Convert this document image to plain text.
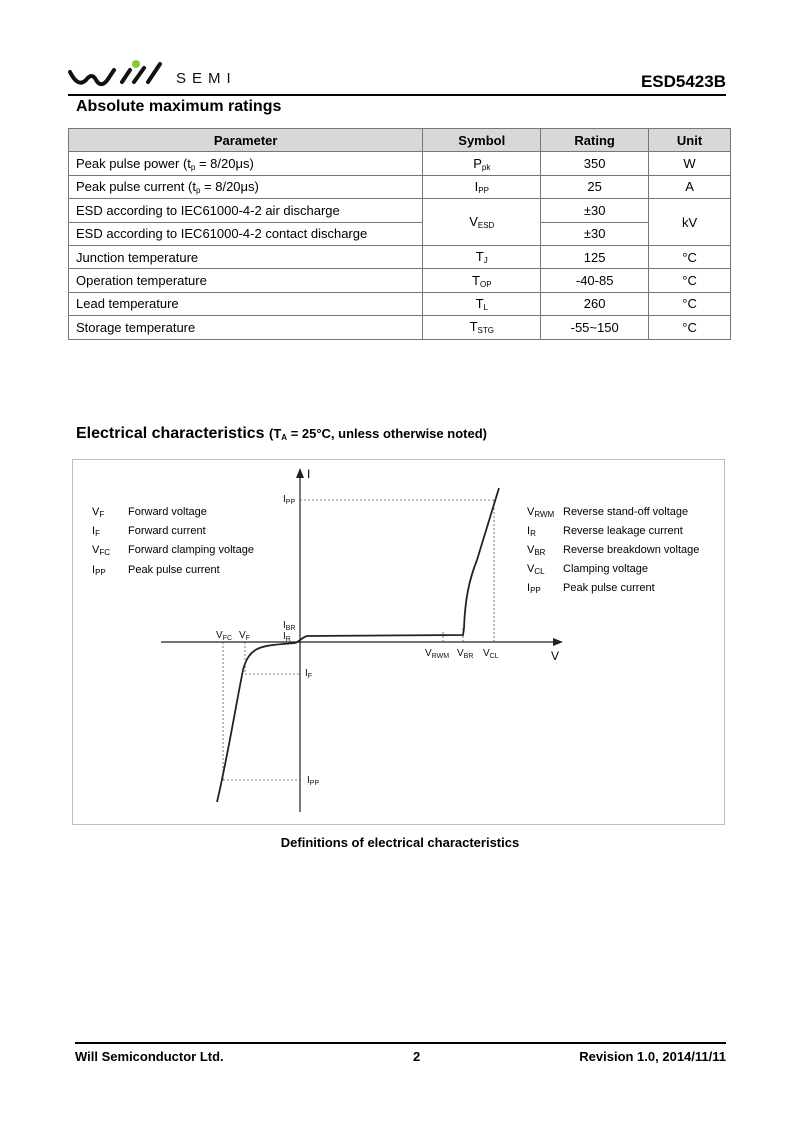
SEMI	ESD5423B
Absolute maximum ratings
Parameter	Symbol	Rating	Unit
Peak pulse power $(t_p = 8/20\mu s)$	$P_{pk}$	350	W
Peak pulse current $(t_p = 8/20\mu s)$	$I_{PP}$	25	A
ESD according to IEC61000-4-2 air discharge	$V_{ESD}$	±30	kV
ESD according to IEC61000-4-2 contact discharge		±30	
Junction temperature	$T_J$	125	°C
Operation temperature	$T_{OP}$	-40-85	°C
Lead temperature	$T_L$	260	°C
Storage temperature	$T_{STG}$	-55~150	°C
Electrical characteristics ($T_A = 25^\circ C$, unless otherwise noted)
I
V
$I_{PP}$
$I_{BR}$
$I_R$
$V_{FC}$ $V_F$
$V_{RWM}$ $V_{BR}$ $V_{CL}$
$I_F$
$I_{PP}$
$V_F$ Forward voltage
$I_F$	Forward current
$V_{FC}$ Forward clamping voltage
$I_{PP}$ Peak pulse current
$V_{RWM}$ Reverse stand-off voltage
$I_R$ Reverse leakage current
$V_{BR}$ Reverse breakdown voltage
$V_{CL}$ Clamping voltage
$I_{PP}$ Peak pulse current
Definitions of electrical characteristics
Will Semiconductor Ltd.	2	Revision 1.0, 2014/11/11
